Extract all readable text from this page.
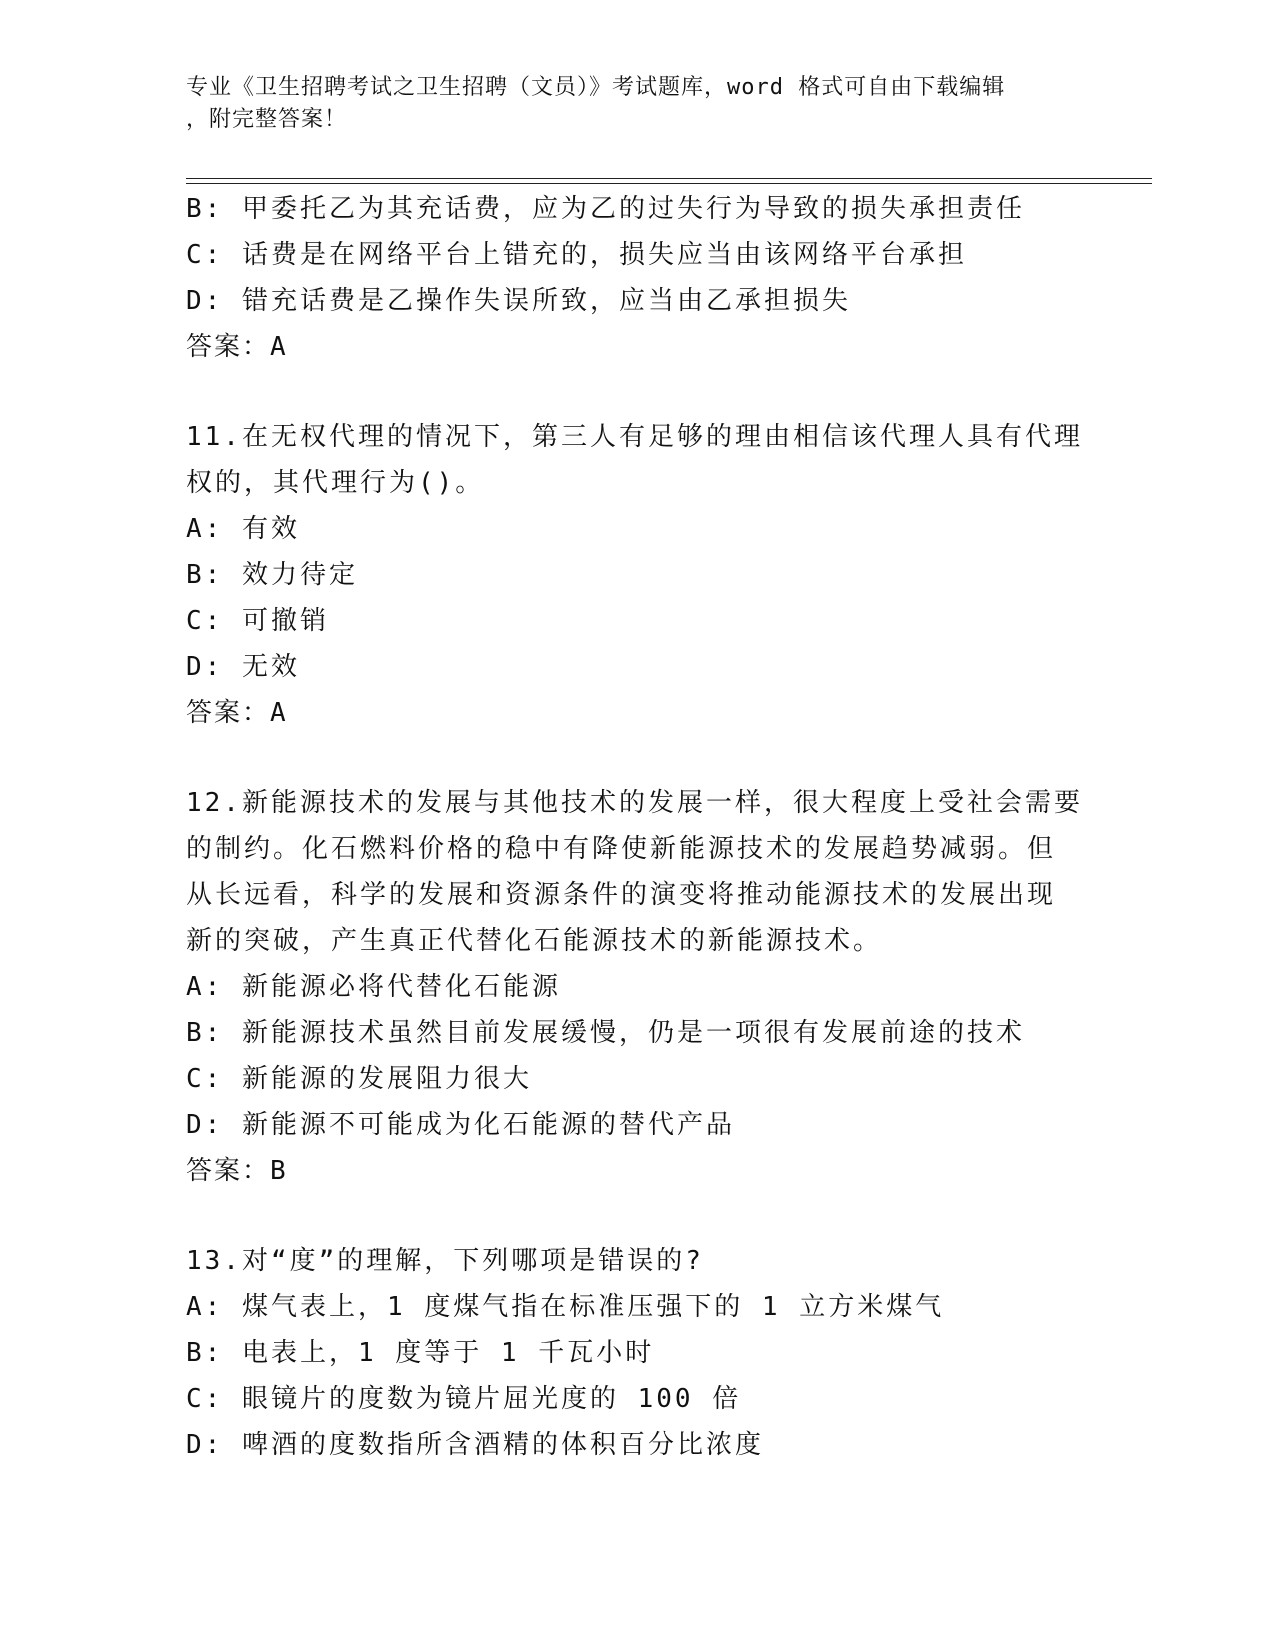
专业《卫生招聘考试之卫生招聘（文员）》考试题库，word 格式可自由下载编辑
，附完整答案！
B: 甲委托乙为其充话费，应为乙的过失行为导致的损失承担责任
C: 话费是在网络平台上错充的，损失应当由该网络平台承担
D: 错充话费是乙操作失误所致，应当由乙承担损失
答案：A
11.在无权代理的情况下，第三人有足够的理由相信该代理人具有代理
权的，其代理行为()。
A: 有效
B: 效力待定
C: 可撤销
D: 无效
答案：A
12.新能源技术的发展与其他技术的发展一样，很大程度上受社会需要
的制约。化石燃料价格的稳中有降使新能源技术的发展趋势减弱。但
从长远看，科学的发展和资源条件的演变将推动能源技术的发展出现
新的突破，产生真正代替化石能源技术的新能源技术。
A: 新能源必将代替化石能源
B: 新能源技术虽然目前发展缓慢，仍是一项很有发展前途的技术
C: 新能源的发展阻力很大
D: 新能源不可能成为化石能源的替代产品
答案：B
13.对“度”的理解，下列哪项是错误的?
A: 煤气表上，1 度煤气指在标准压强下的 1 立方米煤气
B: 电表上，1 度等于 1 千瓦小时
C: 眼镜片的度数为镜片屈光度的 100 倍
D: 啤酒的度数指所含酒精的体积百分比浓度
